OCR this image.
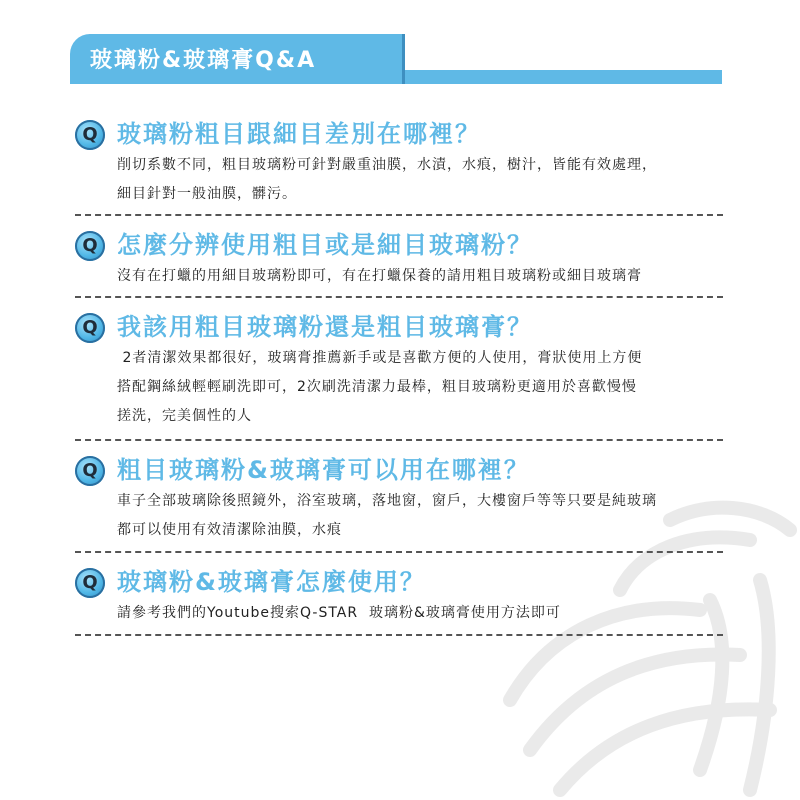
玻璃粉&玻璃膏Q&A
Q 玻璃粉粗目跟細目差別在哪裡？

削切系數不同，粗目玻璃粉可針對嚴重油膜，水漬，水痕，樹汁，皆能有效處理，

細目針對一般油膜，髒污。

Q 怎麼分辨使用粗目或是細目玻璃粉？

沒有在打蠟的用細目玻璃粉即可，有在打蠟保養的請用粗目玻璃粉或細目玻璃膏

Q 我該用粗目玻璃粉還是粗目玻璃膏？

2者清潔效果都很好，玻璃膏推薦新手或是喜歡方便的人使用，膏狀使用上方便

搭配鋼絲絨輕輕刷洗即可，2次刷洗清潔力最棒，粗目玻璃粉更適用於喜歡慢慢

搓洗，完美個性的人

Q 粗目玻璃粉&玻璃膏可以用在哪裡？

車子全部玻璃除後照鏡外，浴室玻璃，落地窗，窗戶，大樓窗戶等等只要是純玻璃

都可以使用有效清潔除油膜，水痕

Q 玻璃粉&玻璃膏怎麼使用？

請參考我們的Youtube搜索Q-STAR  玻璃粉&玻璃膏使用方法即可
